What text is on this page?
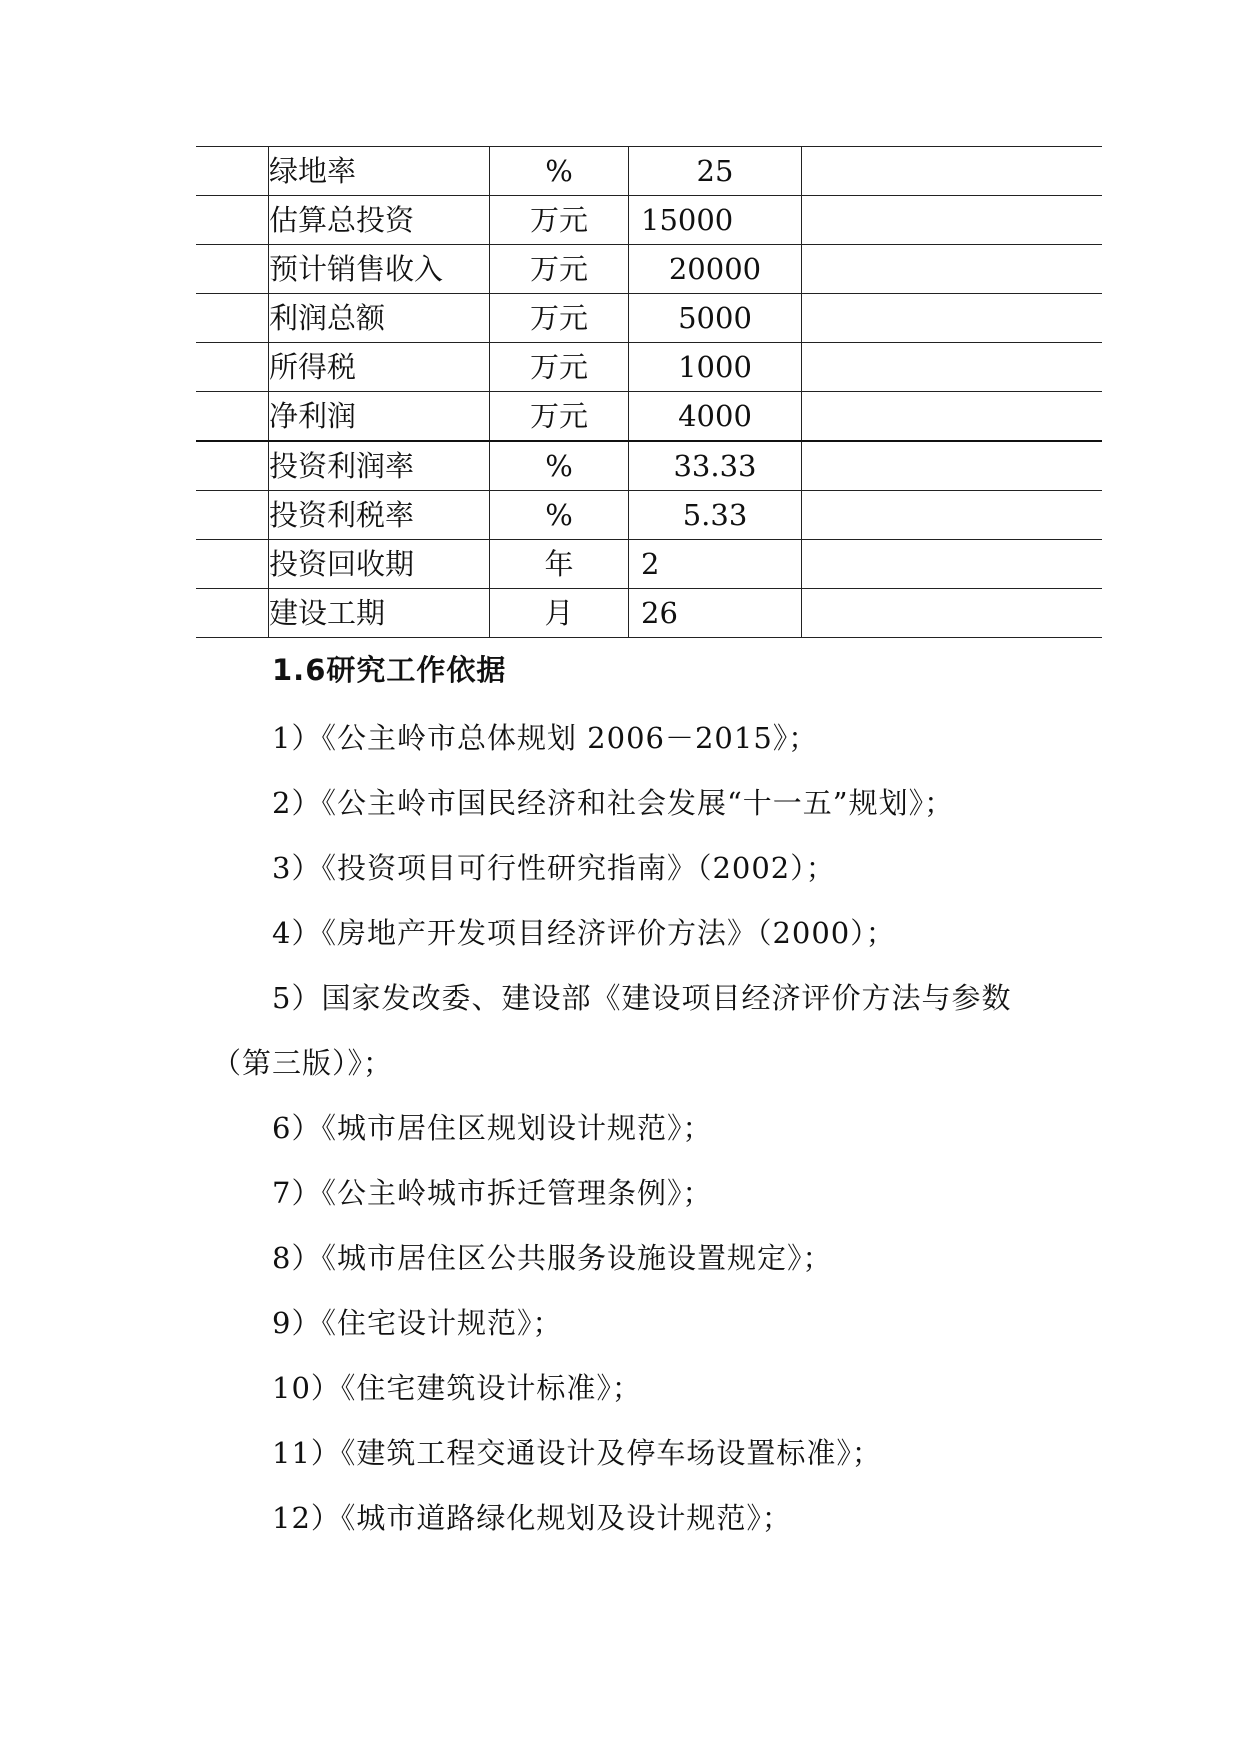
	绿地率	%	25	
	估算总投资	万元	15000	
	预计销售收入	万元	20000	
	利润总额	万元	5000	
	所得税	万元	1000	
	净利润	万元	4000	
	投资利润率	%	33.33	
	投资利税率	%	5.33	
	投资回收期	年	2	
	建设工期	月	26	
1.6研究工作依据
1）《公主岭市总体规划 2006－2015》；
2）《公主岭市国民经济和社会发展“十一五”规划》；
3）《投资项目可行性研究指南》（2002）；
4）《房地产开发项目经济评价方法》（2000）；
5）国家发改委、建设部《建设项目经济评价方法与参数
（第三版）》；
6）《城市居住区规划设计规范》；
7）《公主岭城市拆迁管理条例》；
8）《城市居住区公共服务设施设置规定》；
9）《住宅设计规范》；
10）《住宅建筑设计标准》；
11）《建筑工程交通设计及停车场设置标准》；
12）《城市道路绿化规划及设计规范》；
